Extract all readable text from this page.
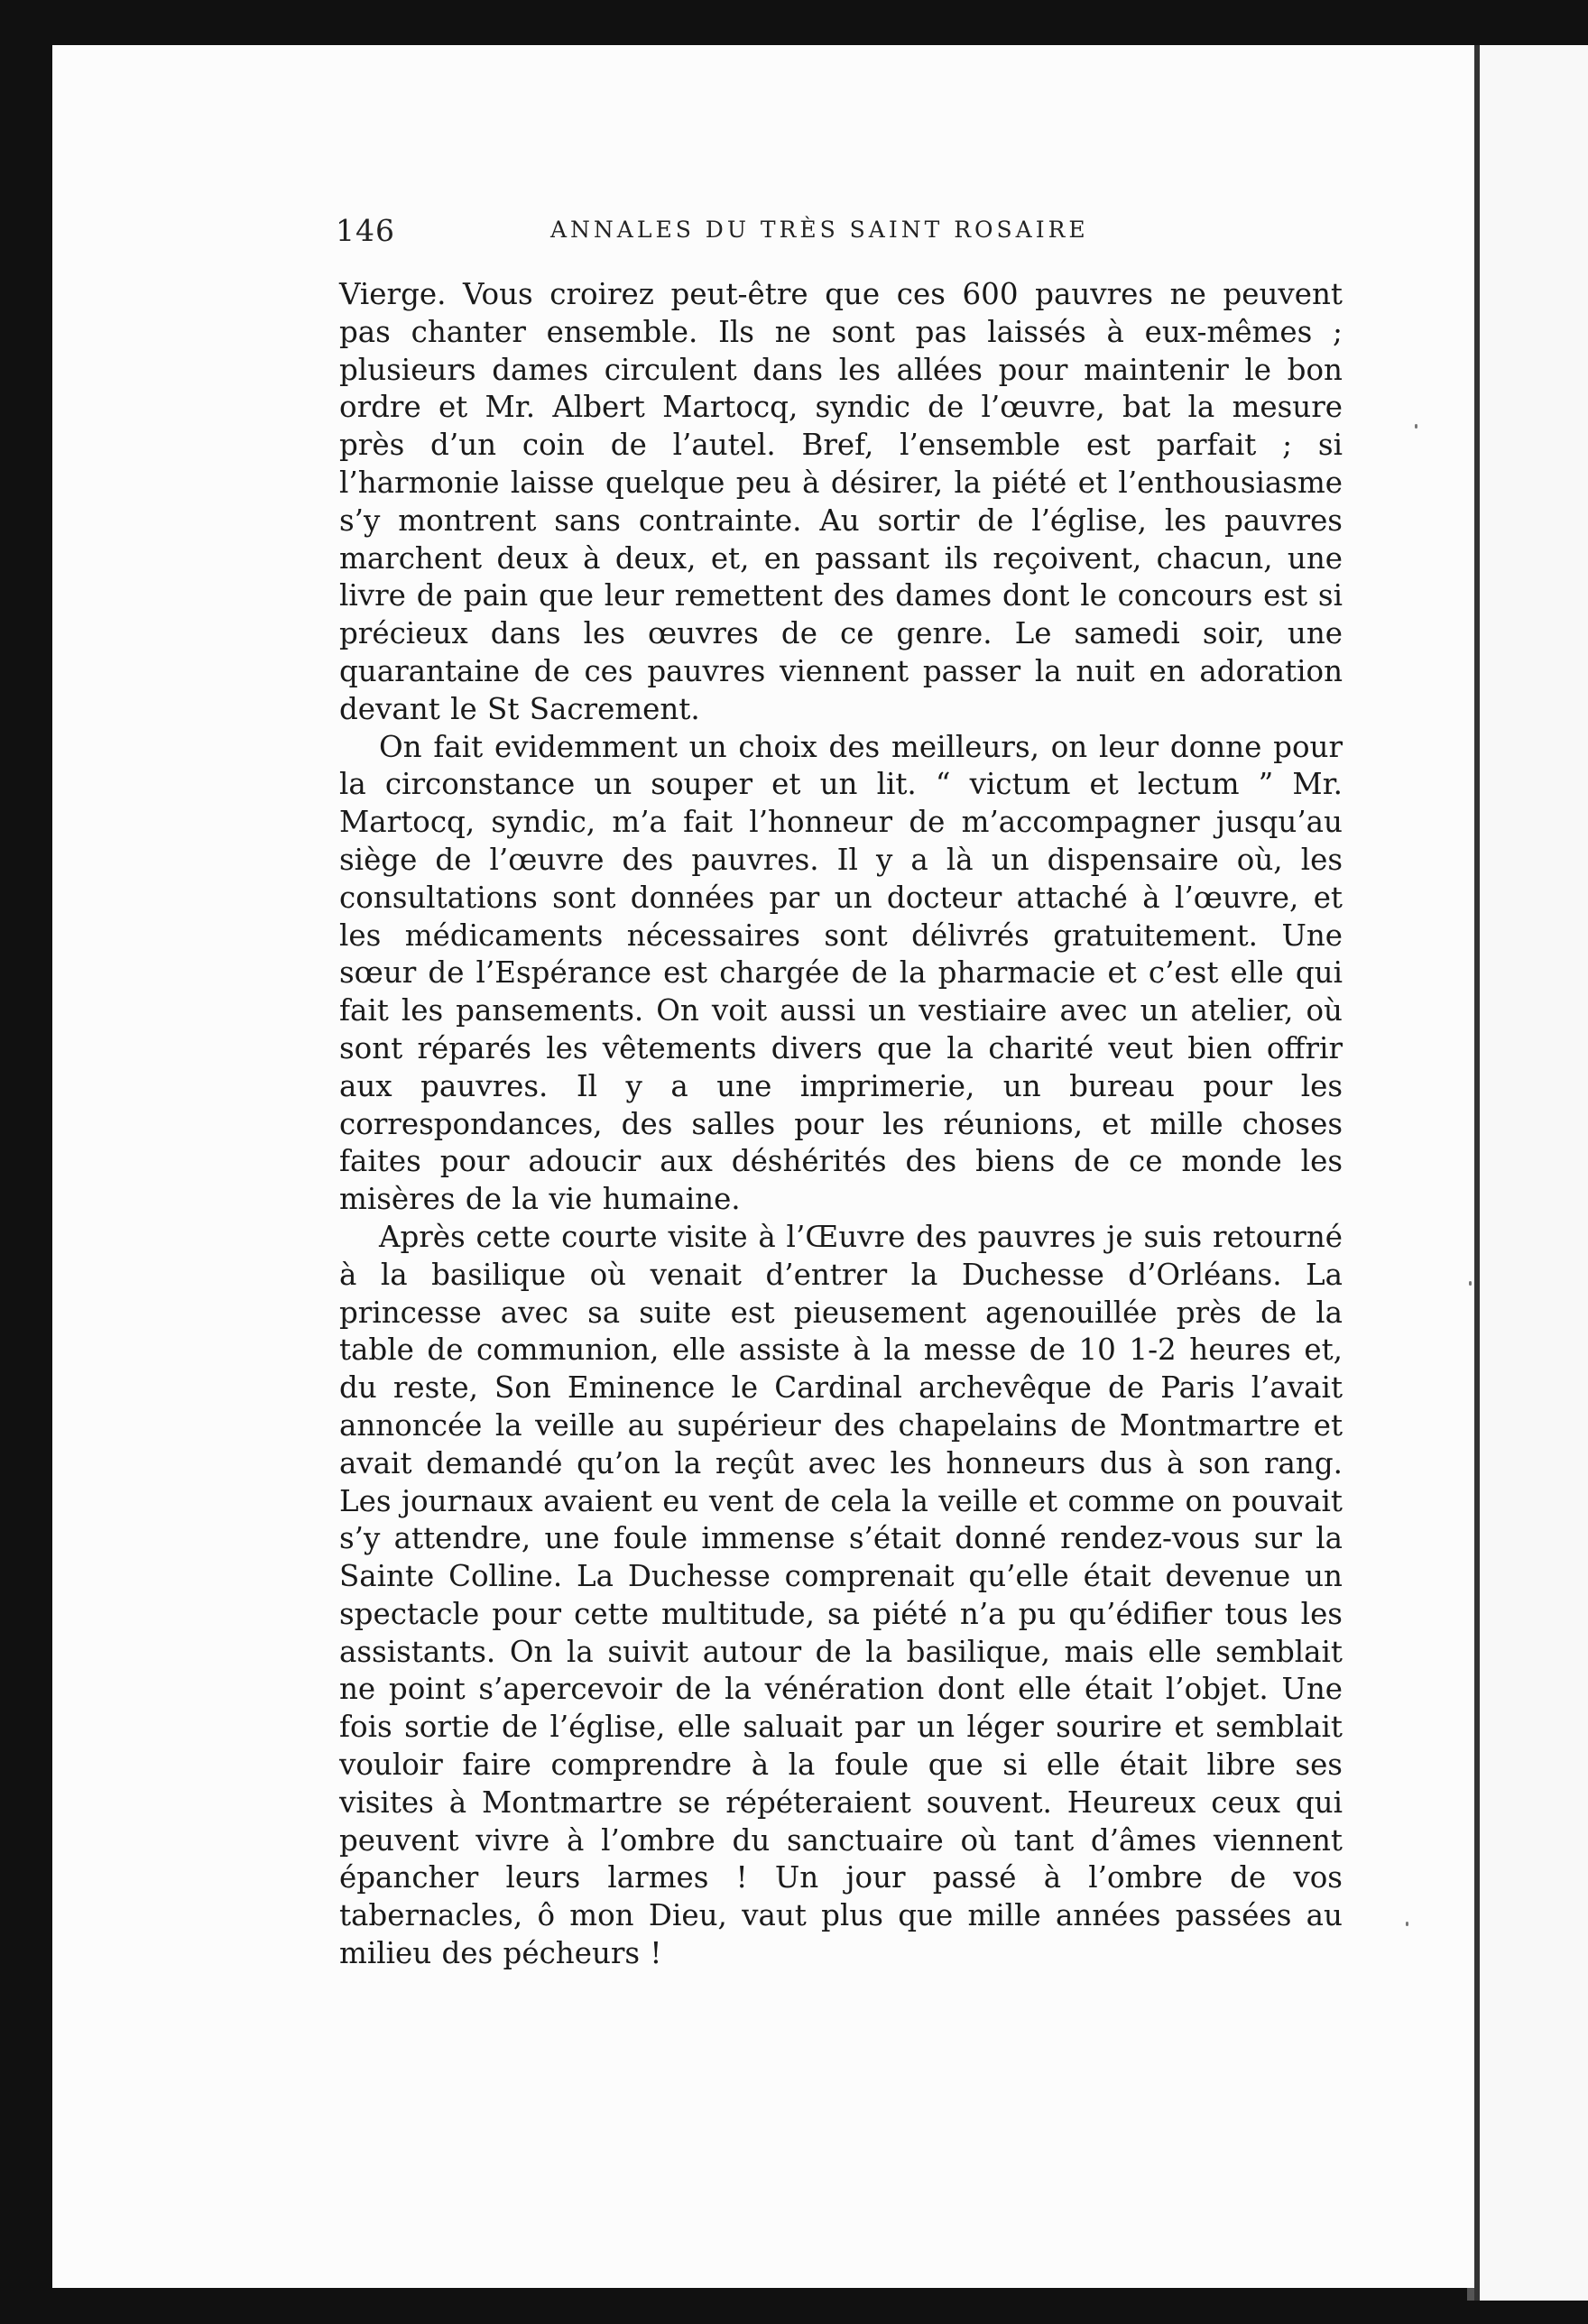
146	ANNALES DU TRÈS SAINT ROSAIRE

Vierge. Vous croirez peut-être que ces 600 pauvres ne peuvent pas chanter ensemble. Ils ne sont pas laissés à eux-mêmes ; plusieurs dames circulent dans les allées pour maintenir le bon ordre et Mr. Albert Martocq, syndic de l’œuvre, bat la mesure près d’un coin de l’autel. Bref, l’ensemble est parfait ; si l’harmonie laisse quelque peu à désirer, la piété et l’enthousiasme s’y montrent sans contrainte. Au sortir de l’église, les pauvres marchent deux à deux, et, en passant ils reçoivent, chacun, une livre de pain que leur remettent des dames dont le concours est si précieux dans les œuvres de ce genre. Le samedi soir, une quarantaine de ces pauvres viennent passer la nuit en adoration devant le St Sacrement.

On fait evidemment un choix des meilleurs, on leur donne pour la circonstance un souper et un lit. “ victum et lectum ” Mr. Martocq, syndic, m’a fait l’honneur de m’accompagner jusqu’au siège de l’œuvre des pauvres. Il y a là un dispensaire où, les consultations sont données par un docteur attaché à l’œuvre, et les médicaments nécessaires sont délivrés gratuitement. Une sœur de l’Espérance est chargée de la pharmacie et c’est elle qui fait les pansements. On voit aussi un vestiaire avec un atelier, où sont réparés les vêtements divers que la charité veut bien offrir aux pauvres. Il y a une imprimerie, un bureau pour les correspondances, des salles pour les réunions, et mille choses faites pour adoucir aux déshérités des biens de ce monde les misères de la vie humaine.

Après cette courte visite à l’Œuvre des pauvres je suis retourné à la basilique où venait d’entrer la Duchesse d’Orléans. La princesse avec sa suite est pieusement agenouillée près de la table de communion, elle assiste à la messe de 10 1-2 heures et, du reste, Son Eminence le Cardinal archevêque de Paris l’avait annoncée la veille au supérieur des chapelains de Montmartre et avait demandé qu’on la reçût avec les honneurs dus à son rang. Les journaux avaient eu vent de cela la veille et comme on pouvait s’y attendre, une foule immense s’était donné rendez-vous sur la Sainte Colline. La Duchesse comprenait qu’elle était devenue un spectacle pour cette multitude, sa piété n’a pu qu’édifier tous les assistants. On la suivit autour de la basilique, mais elle semblait ne point s’apercevoir de la vénération dont elle était l’objet. Une fois sortie de l’église, elle saluait par un léger sourire et semblait vouloir faire comprendre à la foule que si elle était libre ses visites à Montmartre se répéteraient souvent. Heureux ceux qui peuvent vivre à l’ombre du sanctuaire où tant d’âmes viennent épancher leurs larmes ! Un jour passé à l’ombre de vos tabernacles, ô mon Dieu, vaut plus que mille années passées au milieu des pécheurs !
